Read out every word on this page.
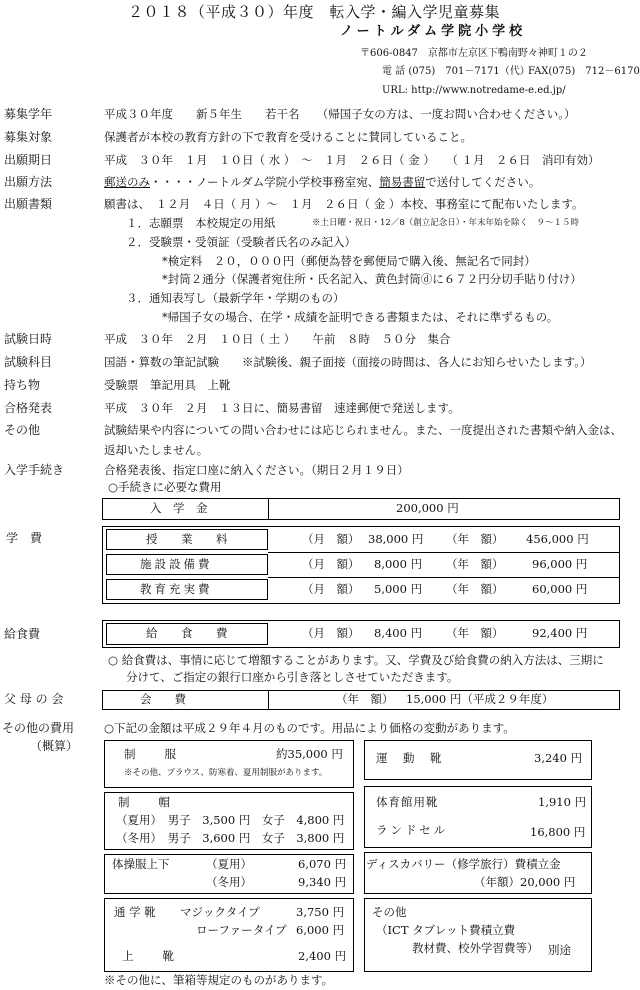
２０１８（平成３０）年度　転入学・編入学児童募集
ノートルダム学院小学校
〒606-0847　京都市左京区下鴨南野々神町１の２
電 話 (075)　701－7171（代）
FAX(075)　712－6170
URL: http://www.notredame-e.ed.jp/
募集学年	平成３０年度　　新５年生　　若干名　　（帰国子女の方は、一度お問い合わせください。）
募集対象	保護者が本校の教育方針の下で教育を受けることに賛同していること。
出願期日	平成　３０年　１月　１０日（ 水 ）　～　１月　２６日（ 金 ）　　（ １月　２６日　消印有効）
出願方法	郵送のみ・・・・ノートルダム学院小学校事務室宛、簡易書留で送付してください。
出願書類	願書は、　１２月　４日（ 月 ）～　１月　２６日（ 金 ）本校、事務室にて配布いたします。
１．志願票　本校規定の用紙	※土日曜・祝日・12／8（創立記念日）・年末年始を除く　９～１５時
２．受験票・受領証（受験者氏名のみ記入）
*検定料　２０，０００円（郵便為替を郵便局で購入後、無記名で同封）
*封筒２通分（保護者宛住所・氏名記入、黄色封筒ⓓに６７２円分切手貼り付け）
３．通知表写し（最新学年・学期のもの）
*帰国子女の場合、在学・成績を証明できる書類または、それに準ずるもの。
試験日時	平成　３０年　２月　１０日（ 土 ）　　午前　８時　５０分　集合
試験科目	国語・算数の筆記試験　　※試験後、親子面接（面接の時間は、各人にお知らせいたします。）
持ち物	受験票　筆記用具　上靴
合格発表	平成　３０年　２月　１３日に、簡易書留　速達郵便で発送します。
その他	試験結果や内容についての問い合わせには応じられません。また、一度提出された書類や納入金は、
返却いたしません。
入学手続き	合格発表後、指定口座に納入ください。（期日２月１９日）
○手続きに必要な費用
入　学　金	200,000 円
学　費	授　業　料	（月　額） 38,000 円 （年　額） 456,000 円
施設設備費	（月　額） 8,000 円 （年　額） 96,000 円
教育充実費	（月　額） 5,000 円 （年　額） 60,000 円
給食費	給　食　費	（月　額） 8,400 円 （年　額） 92,400 円
○ 給食費は、事情に応じて増額することがあります。又、学費及び給食費の納入方法は、三期に
分けて、ご指定の銀行口座から引き落としさせていただきます。
父 母 の 会	会　　費	（年　額） 15,000 円（平成２９年度）
その他の費用
（概算）
○下記の金額は平成２９年４月のものです。用品により価格の変動があります。
制　　服	約35,000 円
※その他、ブラウス、防寒着、夏用制服があります。
制　　帽
（夏用）　男子　3,500 円　女子　4,800 円
（冬用）　男子　3,600 円　女子　3,800 円
体操服上下	（夏用）	6,070 円
（冬用）	9,340 円
通 学 靴 マジックタイプ	3,750 円
ローファータイプ 6,000 円
上　　靴	2,400 円
運　動　靴	3,240 円
体育館用靴	1,910 円
ランドセル	16,800 円
ディスカバリー（修学旅行）費積立金
（年額） 20,000 円
その他
（ICT タブレット費積立費
教材費、校外学習費等） 別途
※その他に、筆箱等規定のものがあります。
